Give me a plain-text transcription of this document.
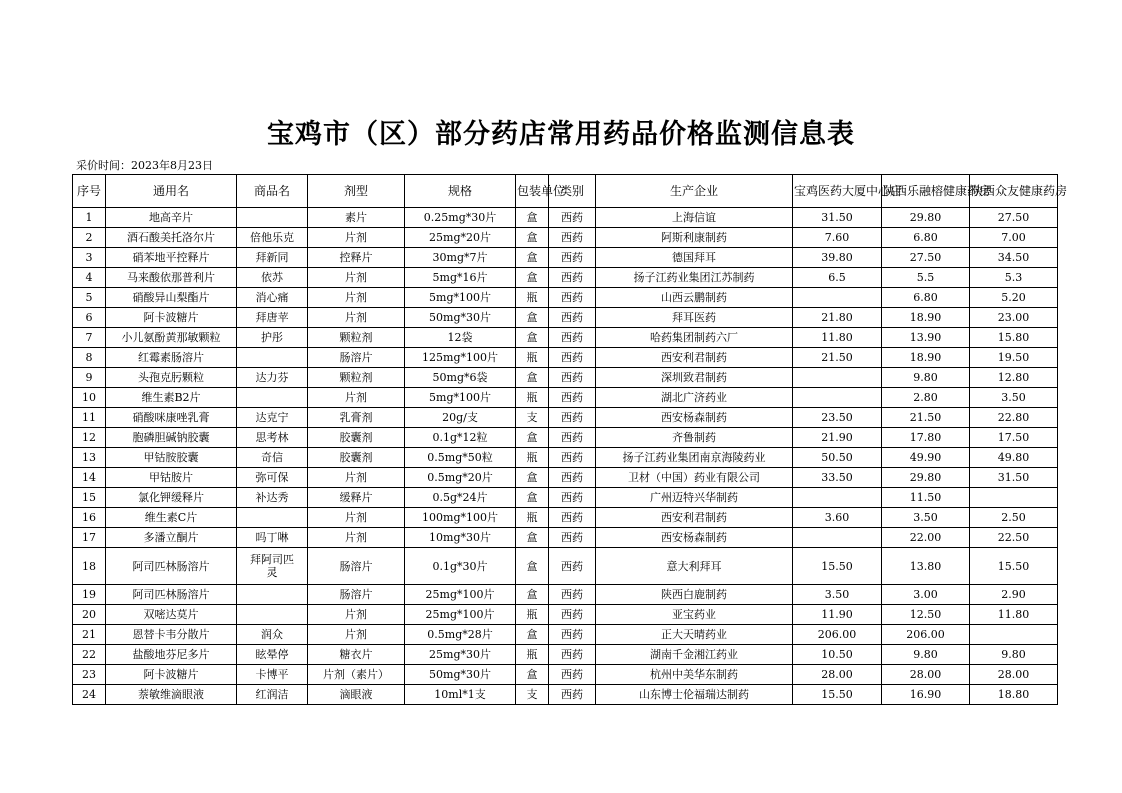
宝鸡市（区）部分药店常用药品价格监测信息表
采价时间：2023年8月23日
序号	通用名	商品名	剂型	规格	包装单位	类别	生产企业	宝鸡医药大厦中心店	陕西乐融榕健康药房	陕西众友健康药房
1	地高辛片		素片	0.25mg*30片	盒	西药	上海信谊	31.50	29.80	27.50
2	酒石酸美托洛尔片	倍他乐克	片剂	25mg*20片	盒	西药	阿斯利康制药	7.60	6.80	7.00
3	硝苯地平控释片	拜新同	控释片	30mg*7片	盒	西药	德国拜耳	39.80	27.50	34.50
4	马来酸依那普利片	依苏	片剂	5mg*16片	盒	西药	扬子江药业集团江苏制药	6.5	5.5	5.3
5	硝酸异山梨酯片	消心痛	片剂	5mg*100片	瓶	西药	山西云鹏制药		6.80	5.20
6	阿卡波糖片	拜唐苹	片剂	50mg*30片	盒	西药	拜耳医药	21.80	18.90	23.00
7	小儿氨酚黄那敏颗粒	护彤	颗粒剂	12袋	盒	西药	哈药集团制药六厂	11.80	13.90	15.80
8	红霉素肠溶片		肠溶片	125mg*100片	瓶	西药	西安利君制药	21.50	18.90	19.50
9	头孢克肟颗粒	达力芬	颗粒剂	50mg*6袋	盒	西药	深圳致君制药		9.80	12.80
10	维生素B2片		片剂	5mg*100片	瓶	西药	湖北广济药业		2.80	3.50
11	硝酸咪康唑乳膏	达克宁	乳膏剂	20g/支	支	西药	西安杨森制药	23.50	21.50	22.80
12	胞磷胆碱钠胶囊	思考林	胶囊剂	0.1g*12粒	盒	西药	齐鲁制药	21.90	17.80	17.50
13	甲钴胺胶囊	奇信	胶囊剂	0.5mg*50粒	瓶	西药	扬子江药业集团南京海陵药业	50.50	49.90	49.80
14	甲钴胺片	弥可保	片剂	0.5mg*20片	盒	西药	卫材（中国）药业有限公司	33.50	29.80	31.50
15	氯化钾缓释片	补达秀	缓释片	0.5g*24片	盒	西药	广州迈特兴华制药		11.50	
16	维生素C片		片剂	100mg*100片	瓶	西药	西安利君制药	3.60	3.50	2.50
17	多潘立酮片	吗丁啉	片剂	10mg*30片	盒	西药	西安杨森制药		22.00	22.50
18	阿司匹林肠溶片	拜阿司匹灵	肠溶片	0.1g*30片	盒	西药	意大利拜耳	15.50	13.80	15.50
19	阿司匹林肠溶片		肠溶片	25mg*100片	盒	西药	陕西白鹿制药	3.50	3.00	2.90
20	双嘧达莫片		片剂	25mg*100片	瓶	西药	亚宝药业	11.90	12.50	11.80
21	恩替卡韦分散片	润众	片剂	0.5mg*28片	盒	西药	正大天晴药业	206.00	206.00	
22	盐酸地芬尼多片	眩晕停	糖衣片	25mg*30片	瓶	西药	湖南千金湘江药业	10.50	9.80	9.80
23	阿卡波糖片	卡博平	片剂（素片）	50mg*30片	盒	西药	杭州中美华东制药	28.00	28.00	28.00
24	萘敏维滴眼液	红润洁	滴眼液	10ml*1支	支	西药	山东博士伦福瑞达制药	15.50	16.90	18.80
